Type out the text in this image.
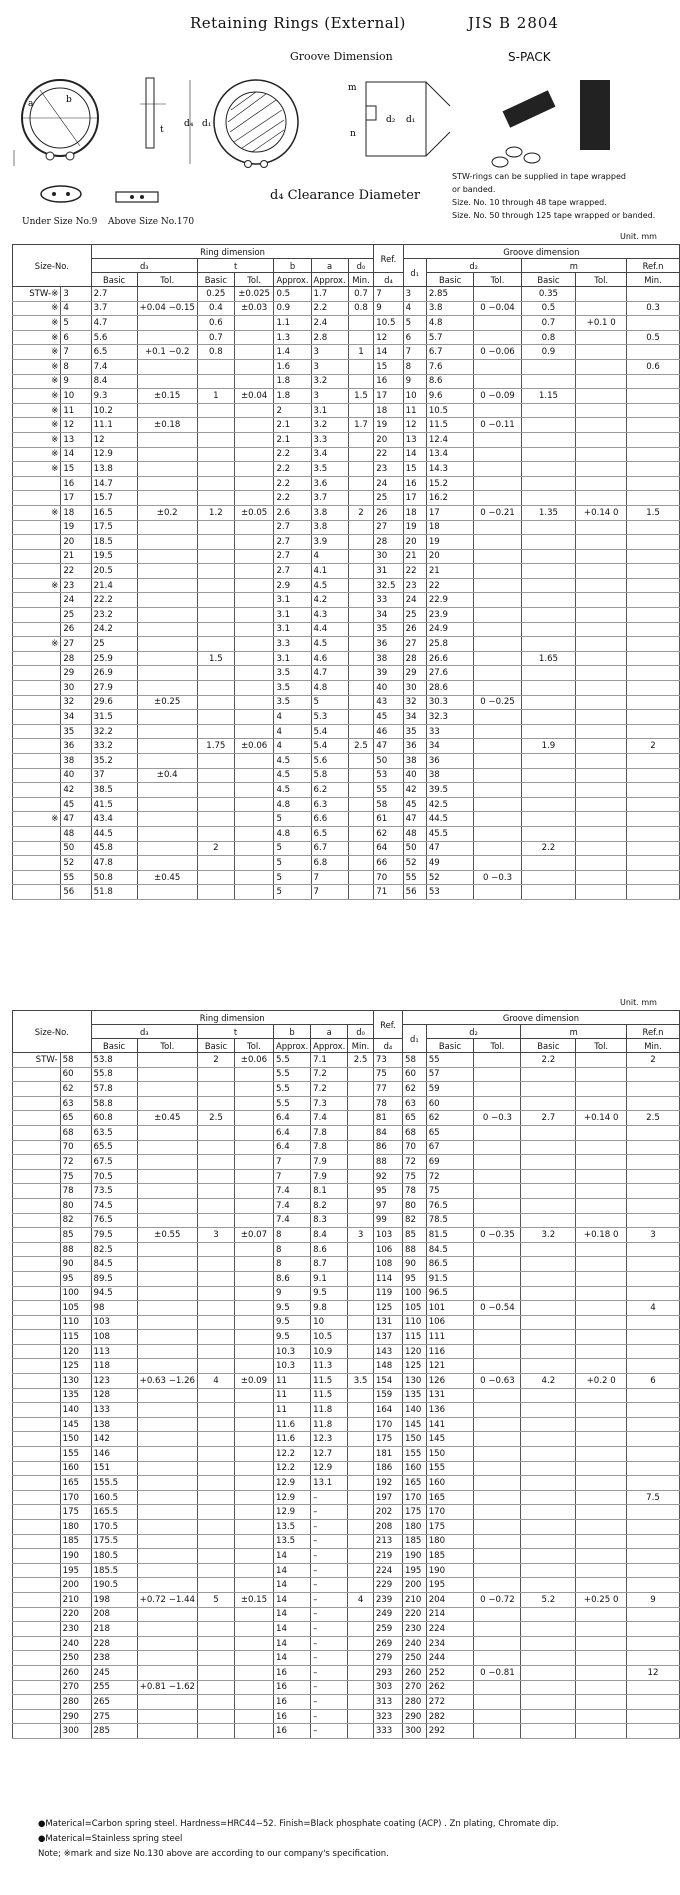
Retaining Rings (External)	JIS B 2804
Groove Dimension	S-PACK
b
a
t
Under Size No.9 Above Size No.170
d₄ d₁
m
n
d₂ d₁
d₄ Clearance Diameter
STW-rings can be supplied in tape wrapped
or banded.
Size. No. 10 through 48 tape wrapped.
Size. No. 50 through 125 tape wrapped or banded.
Unit. mm
Size-No.		Ring dimension							Ref.	Groove dimension					
		d₃		t		b	a	d₀		d₁	d₂		m		Ref.n
		Basic	Tol.	Basic	Tol.	Approx.	Approx.	Min.	d₄		Basic	Tol.	Basic	Tol.	Min.
STW-※	3	2.7		0.25	±0.025	0.5	1.7	0.7	7	3	2.85		0.35		
※	4	3.7	+0.04 −0.15	0.4	±0.03	0.9	2.2	0.8	9	4	3.8	0 −0.04	0.5		0.3
※	5	4.7		0.6		1.1	2.4		10.5	5	4.8		0.7	+0.1 0	
※	6	5.6		0.7		1.3	2.8		12	6	5.7		0.8		0.5
※	7	6.5	+0.1 −0.2	0.8		1.4	3	1	14	7	6.7	0 −0.06	0.9		
※	8	7.4				1.6	3		15	8	7.6				0.6
※	9	8.4				1.8	3.2		16	9	8.6				
※	10	9.3	±0.15	1	±0.04	1.8	3	1.5	17	10	9.6	0 −0.09	1.15		
※	11	10.2				2	3.1		18	11	10.5				
※	12	11.1	±0.18			2.1	3.2	1.7	19	12	11.5	0 −0.11			
※	13	12				2.1	3.3		20	13	12.4				
※	14	12.9				2.2	3.4		22	14	13.4				
※	15	13.8				2.2	3.5		23	15	14.3				
	16	14.7				2.2	3.6		24	16	15.2				
	17	15.7				2.2	3.7		25	17	16.2				
※	18	16.5	±0.2	1.2	±0.05	2.6	3.8	2	26	18	17	0 −0.21	1.35	+0.14 0	1.5
	19	17.5				2.7	3.8		27	19	18				
	20	18.5				2.7	3.9		28	20	19				
	21	19.5				2.7	4		30	21	20				
	22	20.5				2.7	4.1		31	22	21				
※	23	21.4				2.9	4.5		32.5	23	22				
	24	22.2				3.1	4.2		33	24	22.9				
	25	23.2				3.1	4.3		34	25	23.9				
	26	24.2				3.1	4.4		35	26	24.9				
※	27	25				3.3	4.5		36	27	25.8				
	28	25.9		1.5		3.1	4.6		38	28	26.6		1.65		
	29	26.9				3.5	4.7		39	29	27.6				
	30	27.9				3.5	4.8		40	30	28.6				
	32	29.6	±0.25			3.5	5		43	32	30.3	0 −0.25			
	34	31.5				4	5.3		45	34	32.3				
	35	32.2				4	5.4		46	35	33				
	36	33.2		1.75	±0.06	4	5.4	2.5	47	36	34		1.9		2
	38	35.2				4.5	5.6		50	38	36				
	40	37	±0.4			4.5	5.8		53	40	38				
	42	38.5				4.5	6.2		55	42	39.5				
	45	41.5				4.8	6.3		58	45	42.5				
※	47	43.4				5	6.6		61	47	44.5				
	48	44.5				4.8	6.5		62	48	45.5				
	50	45.8		2		5	6.7		64	50	47		2.2		
	52	47.8				5	6.8		66	52	49				
	55	50.8	±0.45			5	7		70	55	52	0 −0.3			
	56	51.8				5	7		71	56	53				
Unit. mm
Size-No.		Ring dimension							Ref.	Groove dimension					
		d₃		t		b	a	d₀		d₁	d₂		m		Ref.n
		Basic	Tol.	Basic	Tol.	Approx.	Approx.	Min.	d₄		Basic	Tol.	Basic	Tol.	Min.
STW-	58	53.8		2	±0.06	5.5	7.1	2.5	73	58	55		2.2		2
	60	55.8				5.5	7.2		75	60	57				
	62	57.8				5.5	7.2		77	62	59				
	63	58.8				5.5	7.3		78	63	60				
	65	60.8	±0.45	2.5		6.4	7.4		81	65	62	0 −0.3	2.7	+0.14 0	2.5
	68	63.5				6.4	7.8		84	68	65				
	70	65.5				6.4	7.8		86	70	67				
	72	67.5				7	7.9		88	72	69				
	75	70.5				7	7.9		92	75	72				
	78	73.5				7.4	8.1		95	78	75				
	80	74.5				7.4	8.2		97	80	76.5				
	82	76.5				7.4	8.3		99	82	78.5				
	85	79.5	±0.55	3	±0.07	8	8.4	3	103	85	81.5	0 −0.35	3.2	+0.18 0	3
	88	82.5				8	8.6		106	88	84.5				
	90	84.5				8	8.7		108	90	86.5				
	95	89.5				8.6	9.1		114	95	91.5				
	100	94.5				9	9.5		119	100	96.5				
	105	98				9.5	9.8		125	105	101	0 −0.54			4
	110	103				9.5	10		131	110	106				
	115	108				9.5	10.5		137	115	111				
	120	113				10.3	10.9		143	120	116				
	125	118				10.3	11.3		148	125	121				
	130	123	+0.63 −1.26	4	±0.09	11	11.5	3.5	154	130	126	0 −0.63	4.2	+0.2 0	6
	135	128				11	11.5		159	135	131				
	140	133				11	11.8		164	140	136				
	145	138				11.6	11.8		170	145	141				
	150	142				11.6	12.3		175	150	145				
	155	146				12.2	12.7		181	155	150				
	160	151				12.2	12.9		186	160	155				
	165	155.5				12.9	13.1		192	165	160				
	170	160.5				12.9	–		197	170	165				7.5
	175	165.5				12.9	–		202	175	170				
	180	170.5				13.5	–		208	180	175				
	185	175.5				13.5	–		213	185	180				
	190	180.5				14	–		219	190	185				
	195	185.5				14	–		224	195	190				
	200	190.5				14	–		229	200	195				
	210	198	+0.72 −1.44	5	±0.15	14	–	4	239	210	204	0 −0.72	5.2	+0.25 0	9
	220	208				14	–		249	220	214				
	230	218				14	–		259	230	224				
	240	228				14	–		269	240	234				
	250	238				14	–		279	250	244				
	260	245				16	–		293	260	252	0 −0.81			12
	270	255	+0.81 −1.62			16	–		303	270	262				
	280	265				16	–		313	280	272				
	290	275				16	–		323	290	282				
	300	285				16	–		333	300	292				
●Materical=Carbon spring steel. Hardness=HRC44−52. Finish=Black phosphate coating (ACP) . Zn plating, Chromate dip.
●Materical=Stainless spring steel
Note; ※mark and size No.130 above are according to our company's specification.
